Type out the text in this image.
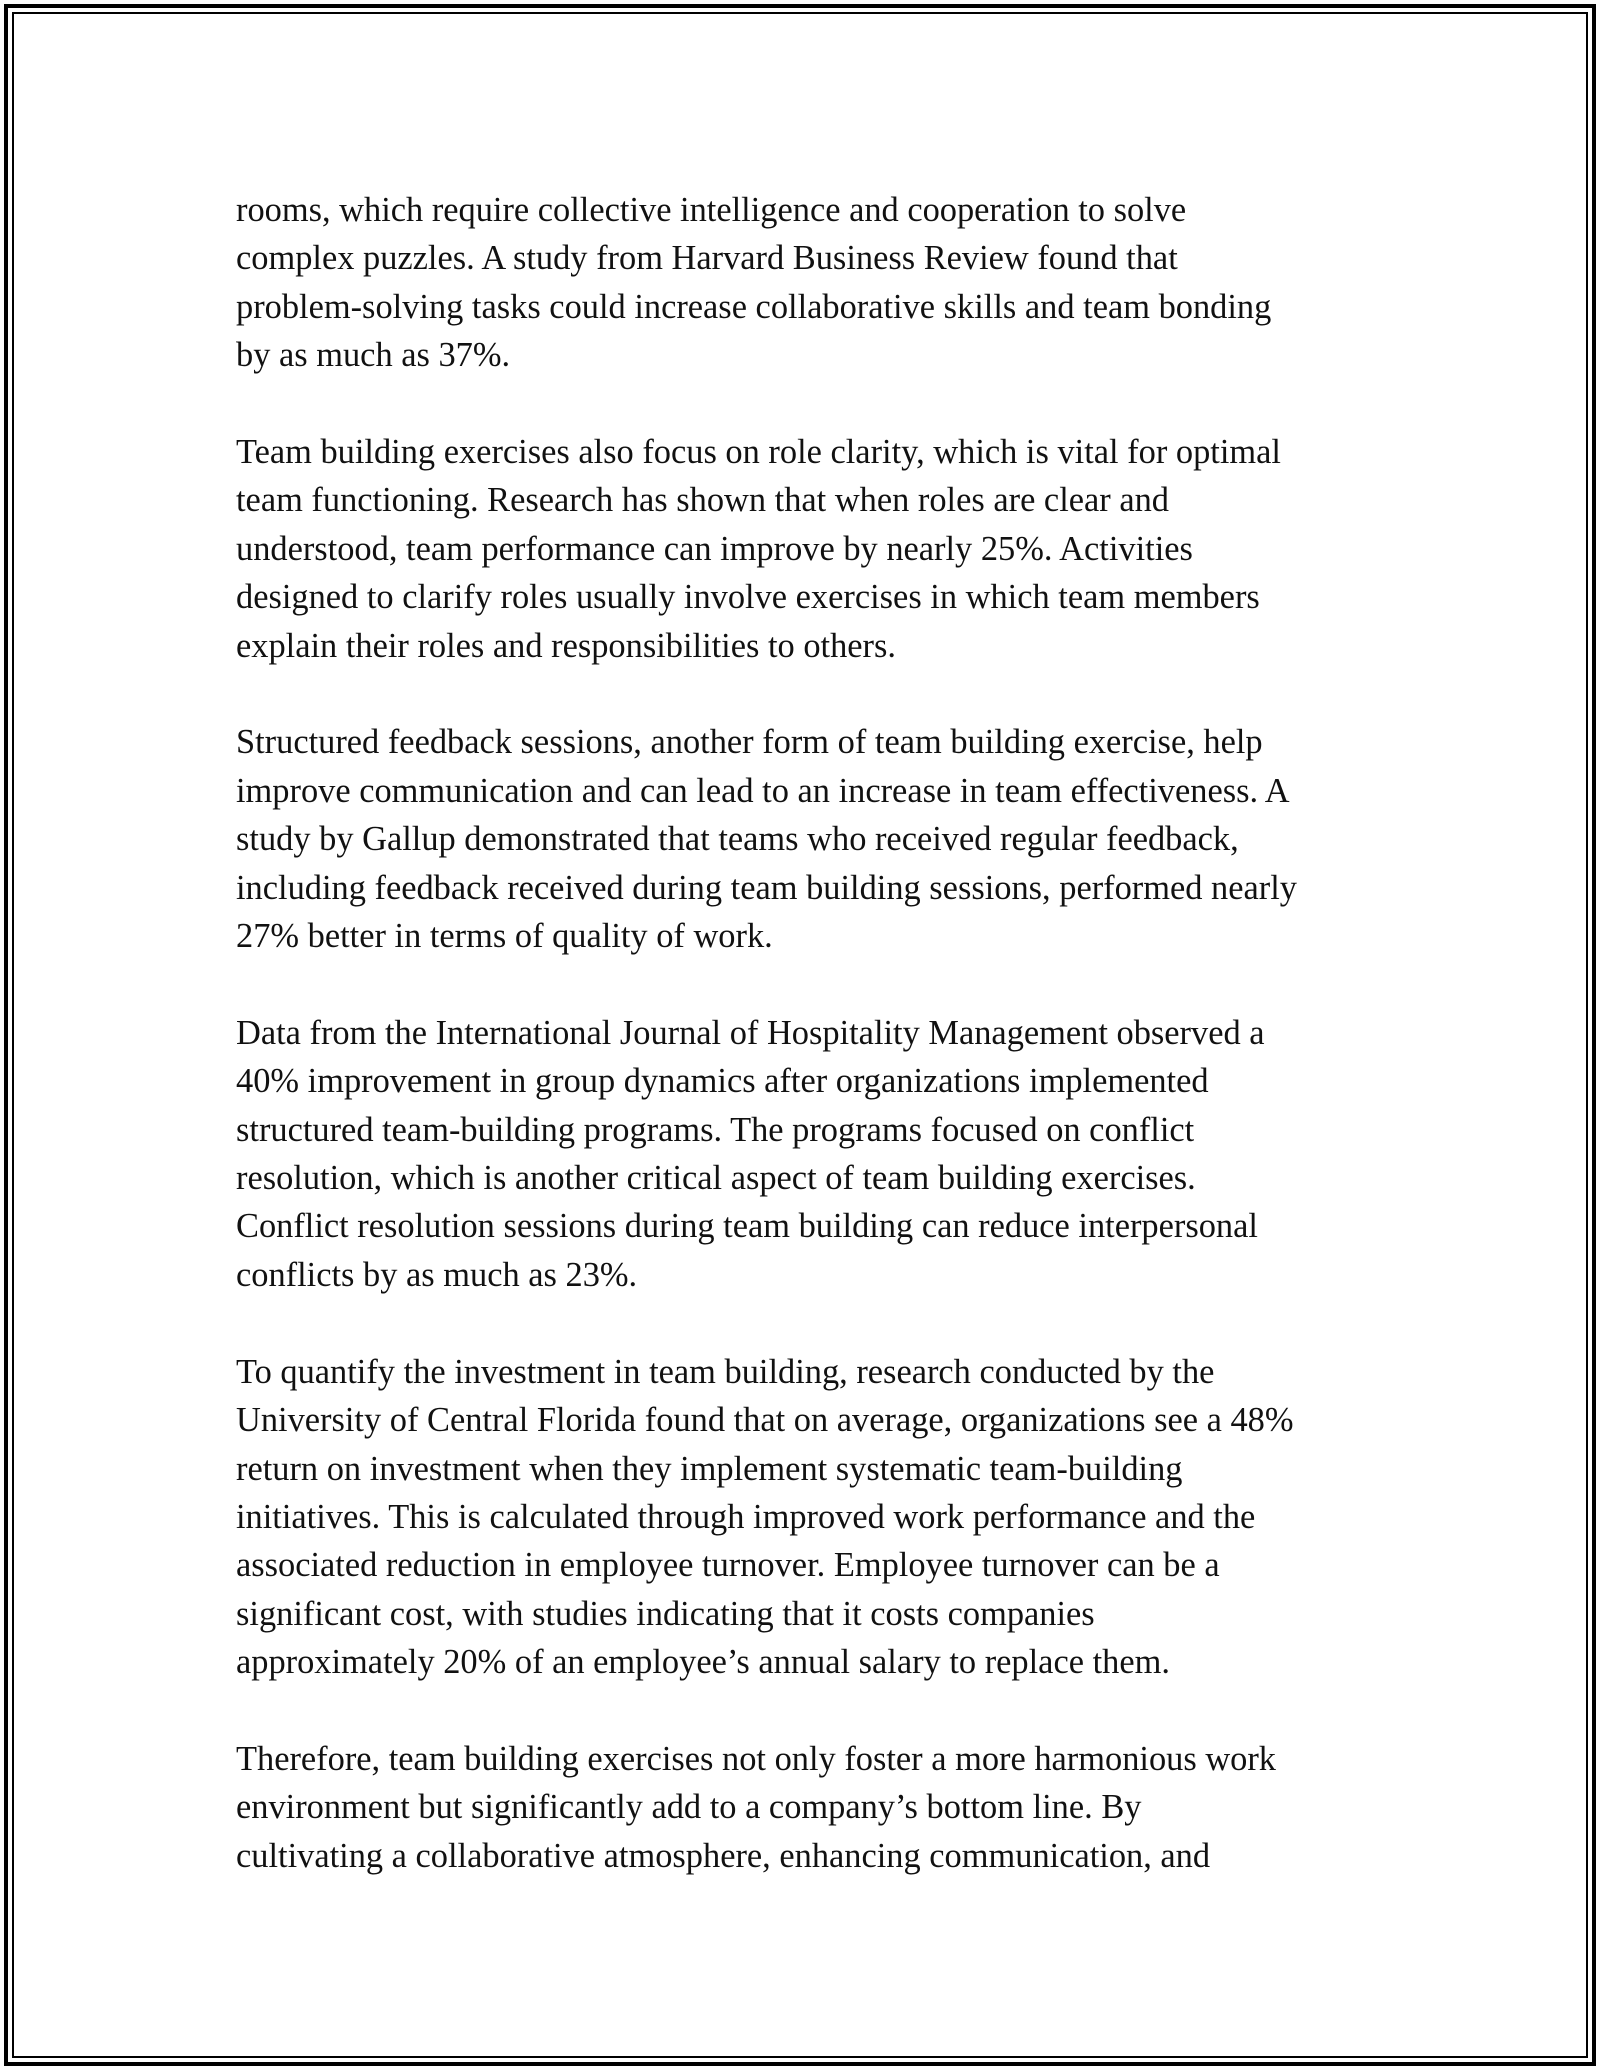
rooms, which require collective intelligence and cooperation to solve
complex puzzles. A study from Harvard Business Review found that
problem-solving tasks could increase collaborative skills and team bonding
by as much as 37%.

Team building exercises also focus on role clarity, which is vital for optimal
team functioning. Research has shown that when roles are clear and
understood, team performance can improve by nearly 25%. Activities
designed to clarify roles usually involve exercises in which team members
explain their roles and responsibilities to others.

Structured feedback sessions, another form of team building exercise, help
improve communication and can lead to an increase in team effectiveness. A
study by Gallup demonstrated that teams who received regular feedback,
including feedback received during team building sessions, performed nearly
27% better in terms of quality of work.

Data from the International Journal of Hospitality Management observed a
40% improvement in group dynamics after organizations implemented
structured team-building programs. The programs focused on conflict
resolution, which is another critical aspect of team building exercises.
Conflict resolution sessions during team building can reduce interpersonal
conflicts by as much as 23%.

To quantify the investment in team building, research conducted by the
University of Central Florida found that on average, organizations see a 48%
return on investment when they implement systematic team-building
initiatives. This is calculated through improved work performance and the
associated reduction in employee turnover. Employee turnover can be a
significant cost, with studies indicating that it costs companies
approximately 20% of an employee’s annual salary to replace them.

Therefore, team building exercises not only foster a more harmonious work
environment but significantly add to a company’s bottom line. By
cultivating a collaborative atmosphere, enhancing communication, and
